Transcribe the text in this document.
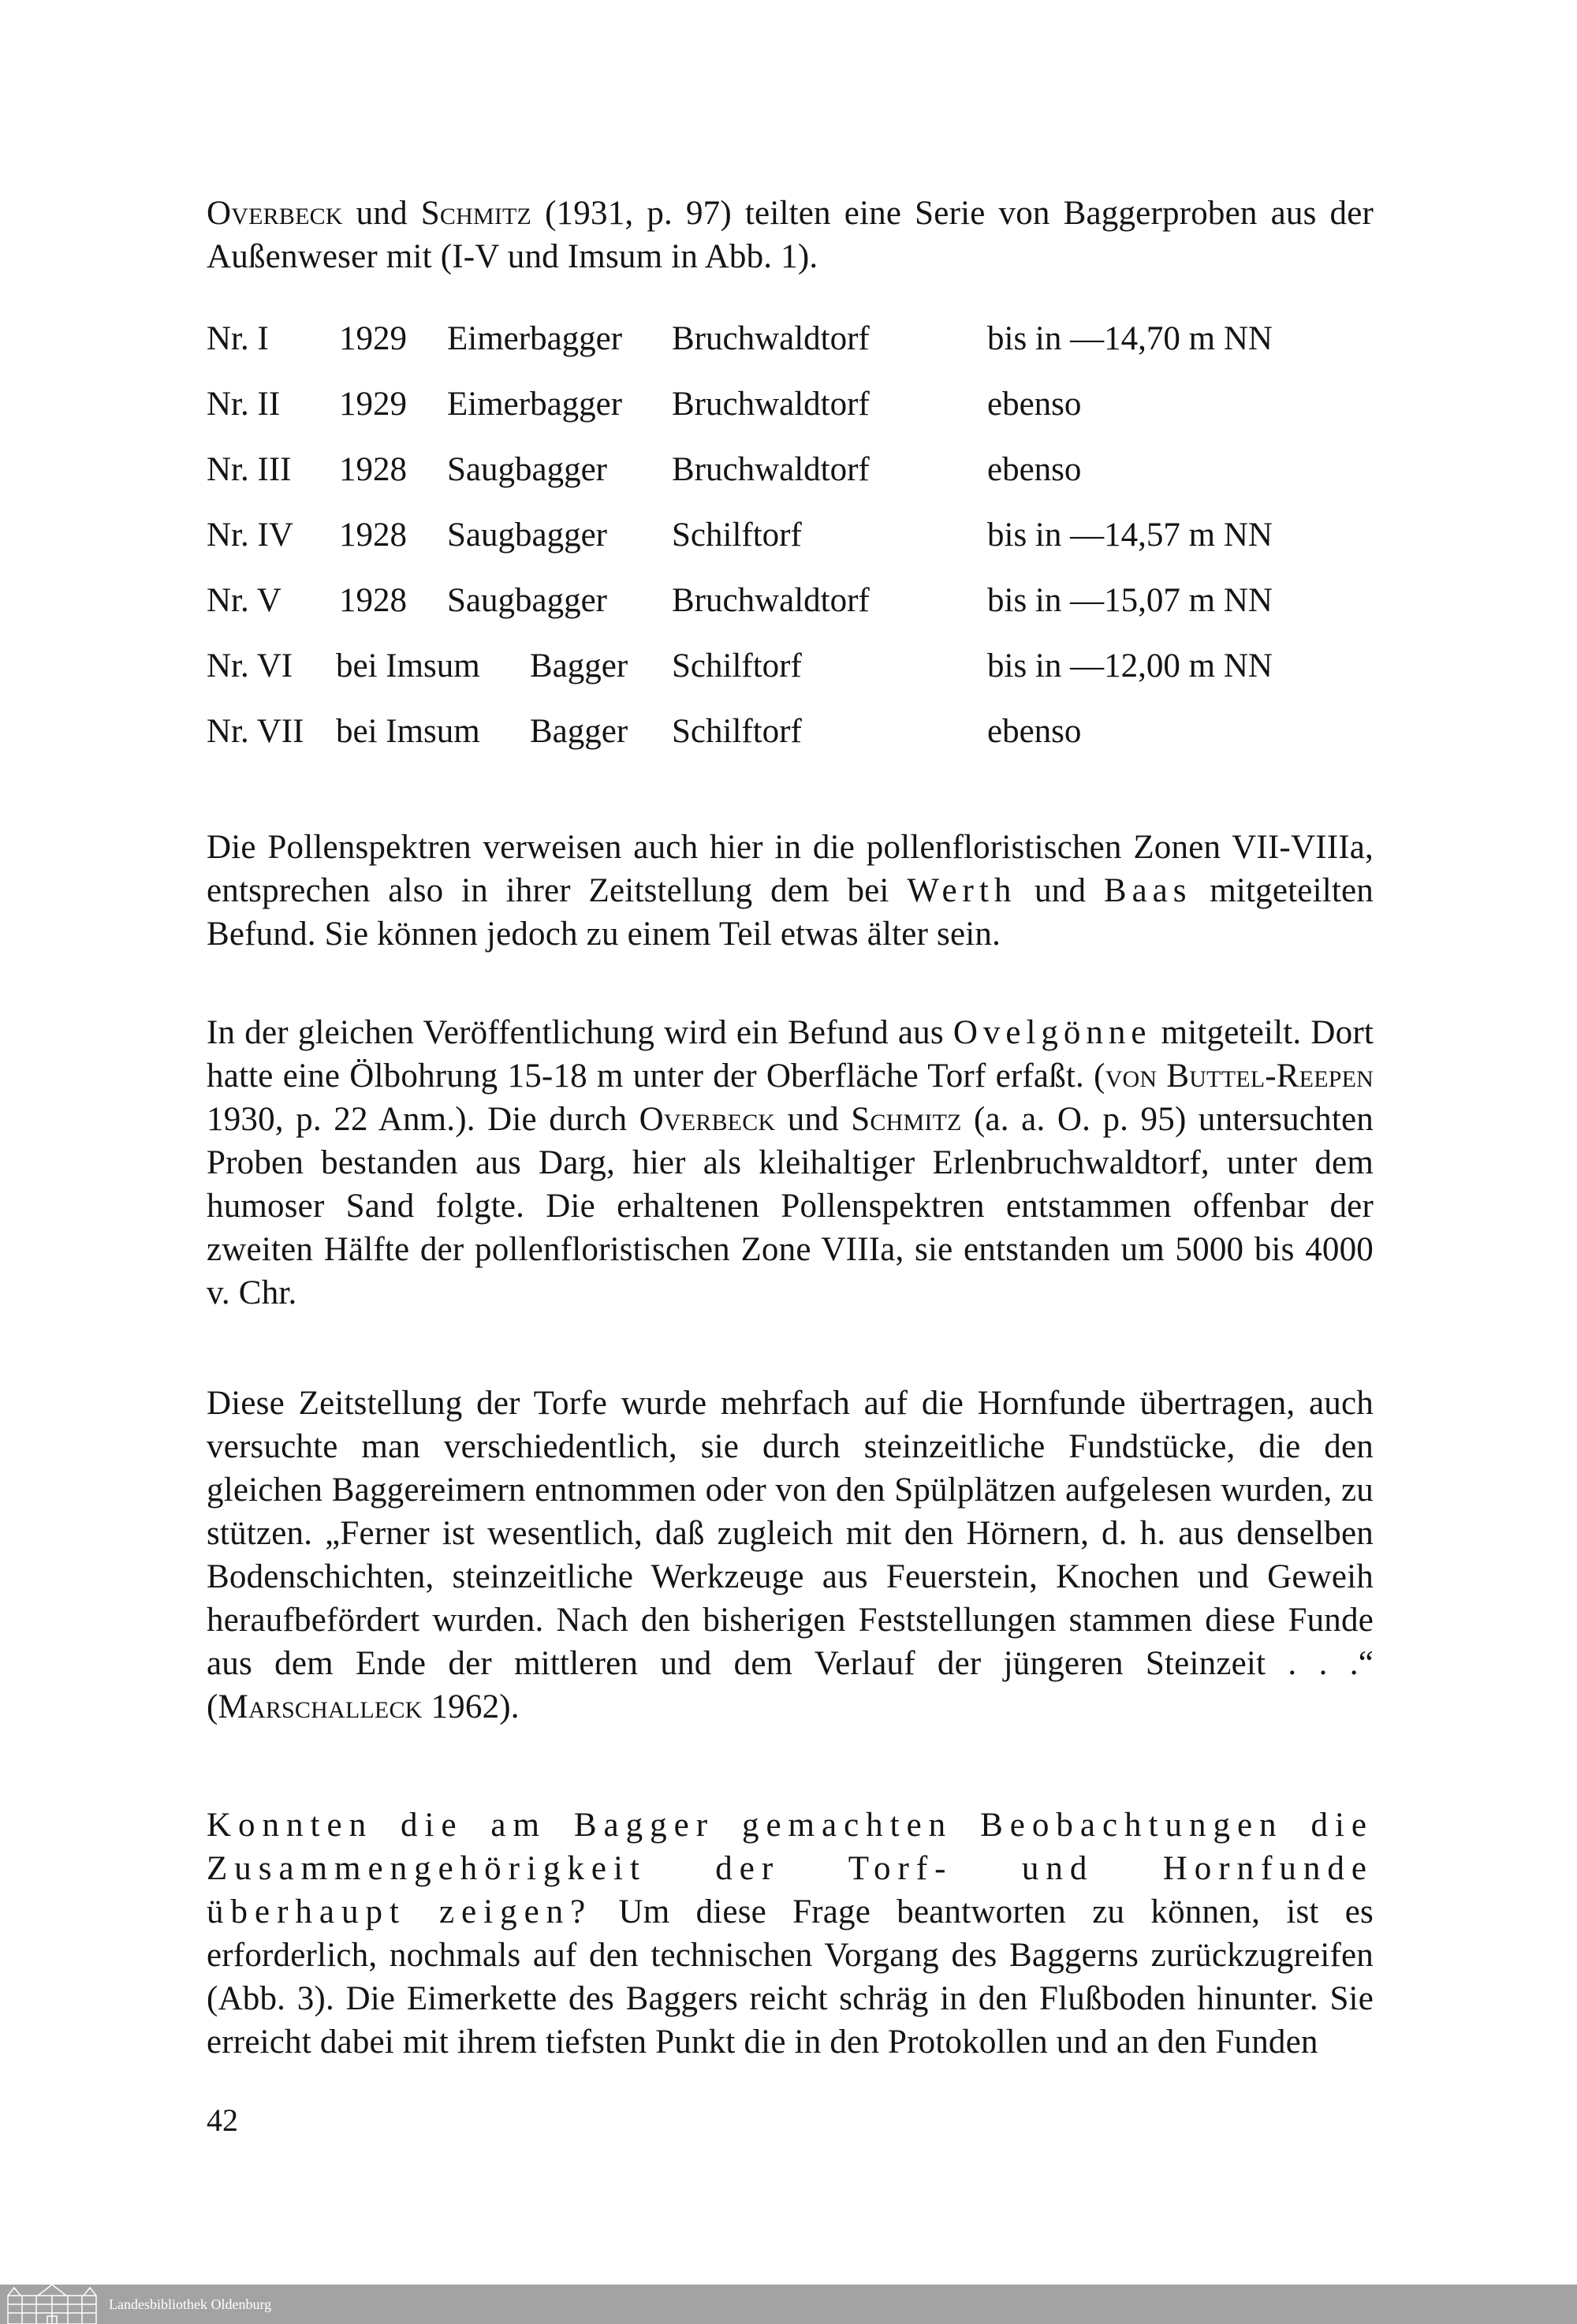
Overbeck und Schmitz (1931, p. 97) teilten eine Serie von Baggerproben aus der Außenweser mit (I-V und Imsum in Abb. 1).

Nr. I 1929 Eimerbagger Bruchwaldtorf	bis in —14,70 m NN
Nr. II 1929 Eimerbagger Bruchwaldtorf	ebenso
Nr. III 1928 Saugbagger Bruchwaldtorf	ebenso
Nr. IV 1928 Saugbagger Schilftorf	bis in —14,57 m NN
Nr. V 1928 Saugbagger Bruchwaldtorf	bis in —15,07 m NN
Nr. VI bei Imsum Bagger Schilftorf	bis in —12,00 m NN
Nr. VII bei Imsum Bagger Schilftorf	ebenso

Die Pollenspektren verweisen auch hier in die pollenfloristischen Zonen VII-VIIIa, entsprechen also in ihrer Zeitstellung dem bei Werth und Baas mitgeteilten Befund. Sie können jedoch zu einem Teil etwas älter sein.

In der gleichen Veröffentlichung wird ein Befund aus Ovelgönne mitgeteilt. Dort hatte eine Ölbohrung 15-18 m unter der Oberfläche Torf erfaßt. (von Buttel-Reepen 1930, p. 22 Anm.). Die durch Overbeck und Schmitz (a. a. O. p. 95) untersuchten Proben bestanden aus Darg, hier als kleihaltiger Erlenbruchwaldtorf, unter dem humoser Sand folgte. Die erhaltenen Pollenspektren entstammen offenbar der zweiten Hälfte der pollenfloristischen Zone VIIIa, sie entstanden um 5000 bis 4000 v. Chr.

Diese Zeitstellung der Torfe wurde mehrfach auf die Hornfunde übertragen, auch versuchte man verschiedentlich, sie durch steinzeitliche Fundstücke, die den gleichen Baggereimern entnommen oder von den Spülplätzen aufgelesen wurden, zu stützen. „Ferner ist wesentlich, daß zugleich mit den Hörnern, d. h. aus denselben Bodenschichten, steinzeitliche Werkzeuge aus Feuerstein, Knochen und Geweih heraufbefördert wurden. Nach den bisherigen Feststellungen stammen diese Funde aus dem Ende der mittleren und dem Verlauf der jüngeren Steinzeit . . .“ (Marschalleck 1962).

Konnten die am Bagger gemachten Beobachtungen die Zusammengehörigkeit der Torf- und Hornfunde überhaupt zeigen? Um diese Frage beantworten zu können, ist es erforderlich, nochmals auf den technischen Vorgang des Baggerns zurückzugreifen (Abb. 3). Die Eimerkette des Baggers reicht schräg in den Flußboden hinunter. Sie erreicht dabei mit ihrem tiefsten Punkt die in den Protokollen und an den Funden

42
Landesbibliothek Oldenburg
